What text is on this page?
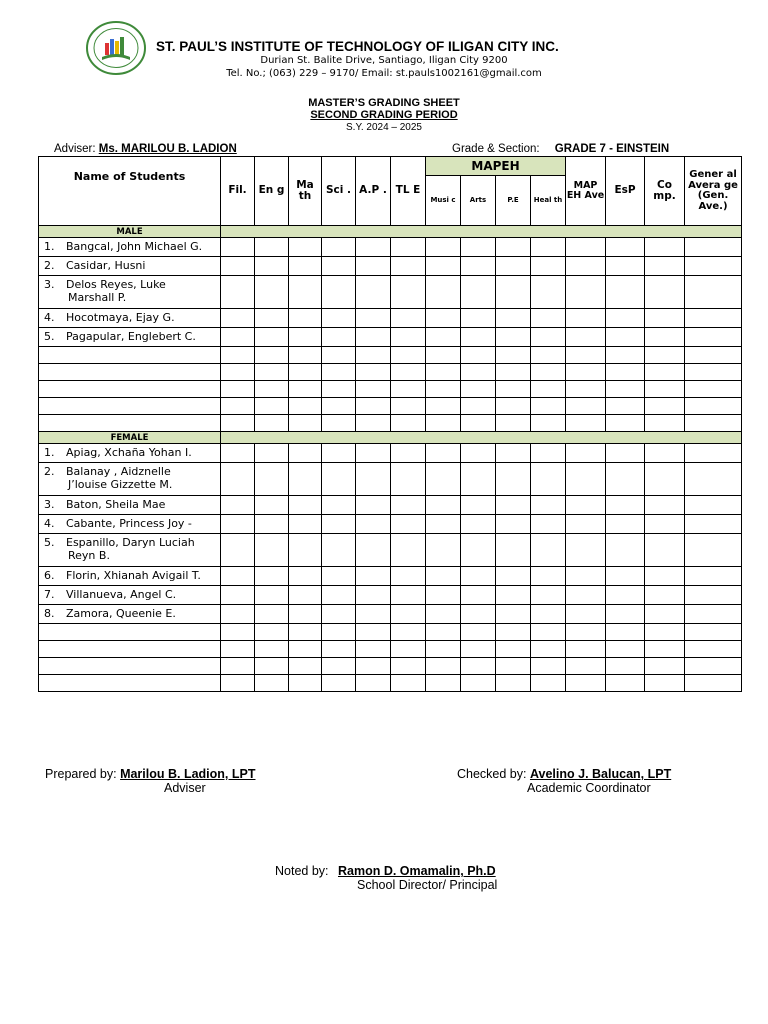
ST. PAUL’S INSTITUTE OF TECHNOLOGY OF ILIGAN CITY INC.
Durian St. Balite Drive, Santiago, Iligan City 9200
Tel. No.; (063) 229 – 9170/ Email: st.pauls1002161@gmail.com
MASTER’S GRADING SHEET
SECOND GRADING PERIOD
S.Y. 2024 – 2025
Adviser: Ms. MARILOU B. LADION	Grade & Section: GRADE 7 - EINSTEIN
Name of Students	Fil.	En g	Ma th	Sci .	A.P .	TL E	MAPEH				MAP EH Ave	EsP	Co mp.	Gener al Avera ge (Gen. Ave.)
							Musi c	Arts	P.E	Heal th				
MALE														
1. Bangcal, John Michael G.														
2. Casidar, Husni														
3. Delos Reyes, Luke
Marshall P.														

4. Hocotmaya, Ejay G.														
5. Pagapular, Englebert C.														

FEMALE														
1. Apiag, Xchaña Yohan I.														
2. Balanay , Aidznelle
J’louise Gizzette M.														

3. Baton, Sheila Mae														
4. Cabante, Princess Joy -														
5. Espanillo, Daryn Luciah
Reyn B.														

6. Florin, Xhianah Avigail T.														
7. Villanueva, Angel C.														
8. Zamora, Queenie E.														

Prepared by: Marilou B. Ladion, LPT
Adviser
Checked by: Avelino J. Balucan, LPT
Academic Coordinator
Noted by: Ramon D. Omamalin, Ph.D
School Director/ Principal
